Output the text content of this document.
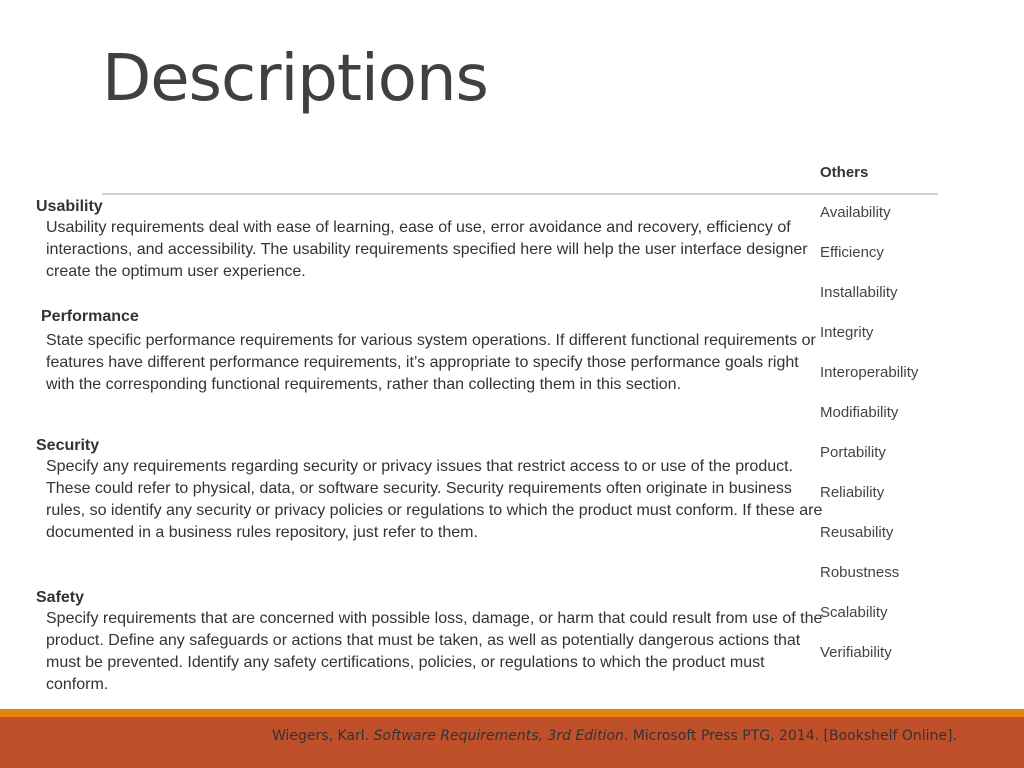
Descriptions
Usability
Usability requirements deal with ease of learning, ease of use, error avoidance and recovery, efficiency of interactions, and accessibility. The usability requirements specified here will help the user interface designer create the optimum user experience.
Performance
State specific performance requirements for various system operations. If different functional requirements or features have different performance requirements, it’s appropriate to specify those performance goals right with the corresponding functional requirements, rather than collecting them in this section.
Security
Specify any requirements regarding security or privacy issues that restrict access to or use of the product. These could refer to physical, data, or software security. Security requirements often originate in business rules, so identify any security or privacy policies or regulations to which the product must conform. If these are documented in a business rules repository, just refer to them.
Safety
Specify requirements that are concerned with possible loss, damage, or harm that could result from use of the product. Define any safeguards or actions that must be taken, as well as potentially dangerous actions that must be prevented. Identify any safety certifications, policies, or regulations to which the product must conform.
Others
Availability
Efficiency
Installability
Integrity
Interoperability
Modifiability
Portability
Reliability
Reusability
Robustness
Scalability
Verifiability
Wiegers, Karl. Software Requirements, 3rd Edition. Microsoft Press PTG, 2014. [Bookshelf Online].
